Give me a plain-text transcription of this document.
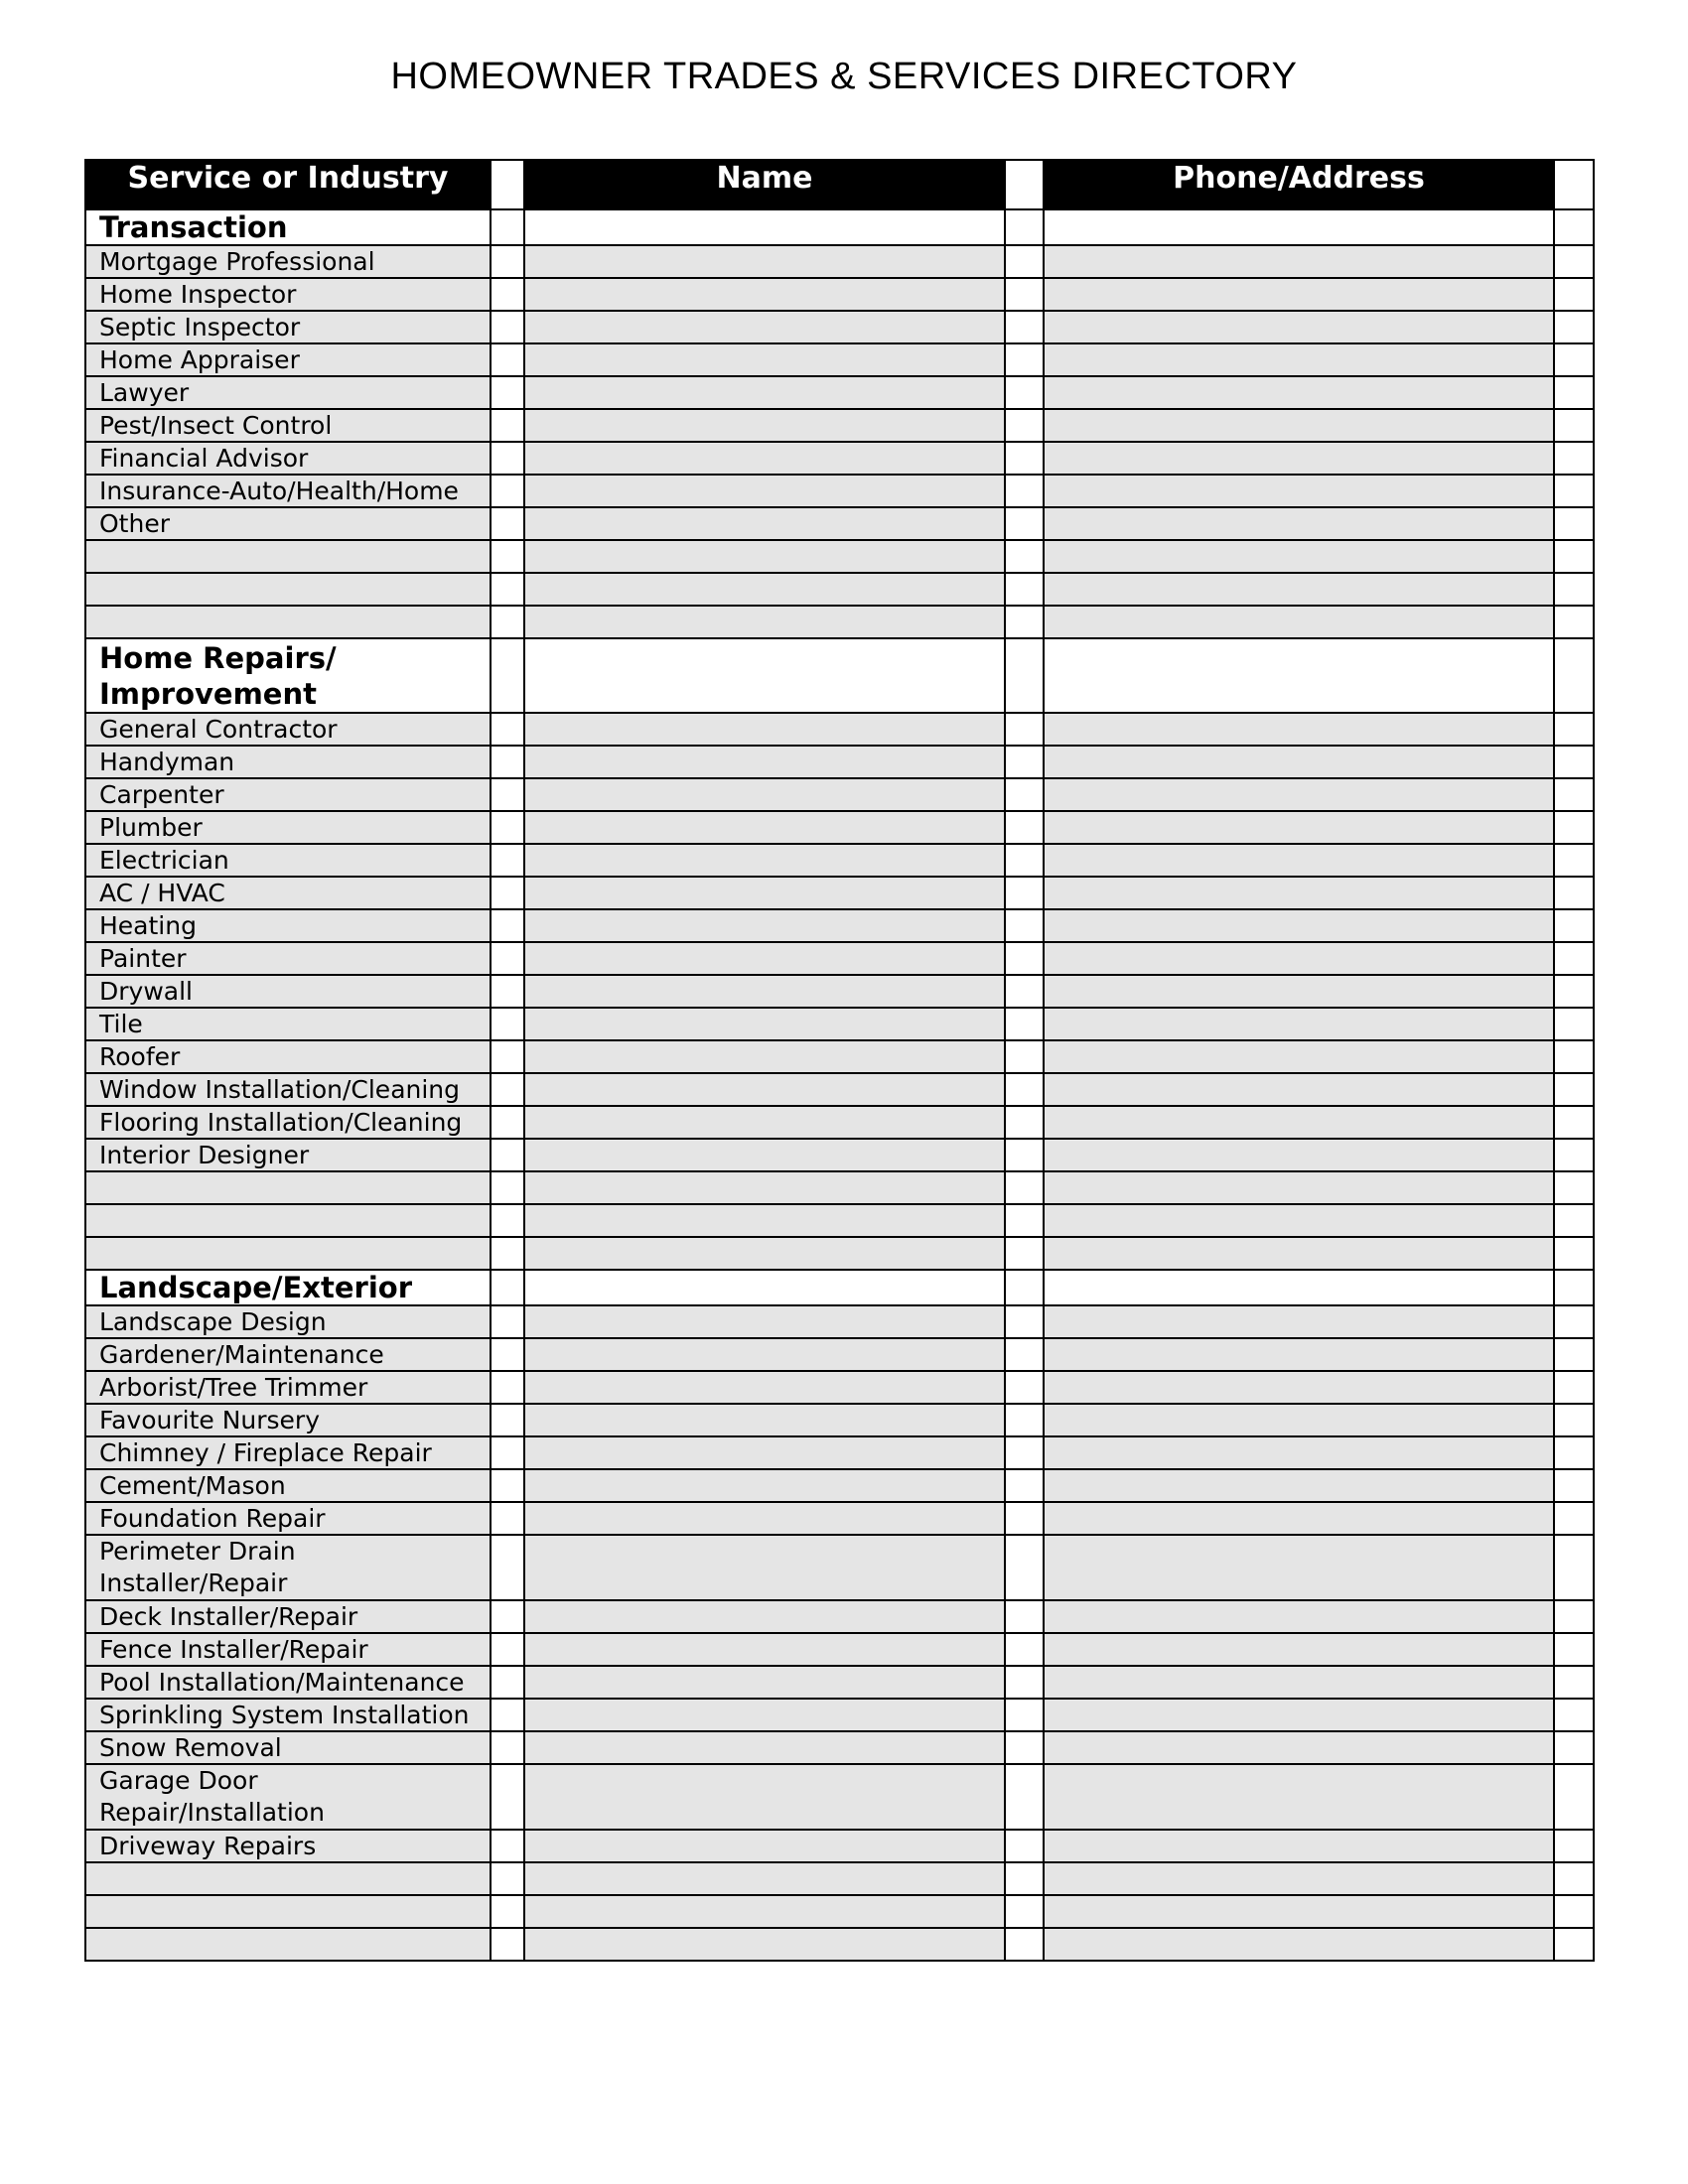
HOMEOWNER TRADES & SERVICES DIRECTORY
Service or Industry		Name		Phone/Address	
Transaction					
Mortgage Professional					
Home Inspector					
Septic Inspector					
Home Appraiser					
Lawyer					
Pest/Insect Control					
Financial Advisor					
Insurance-Auto/Health/Home					
Other					

Home Repairs/ Improvement					
General Contractor					
Handyman					
Carpenter					
Plumber					
Electrician					
AC / HVAC					
Heating					
Painter					
Drywall					
Tile					
Roofer					
Window Installation/Cleaning					
Flooring Installation/Cleaning					
Interior Designer					

Landscape/Exterior					
Landscape Design					
Gardener/Maintenance					
Arborist/Tree Trimmer					
Favourite Nursery					
Chimney / Fireplace Repair					
Cement/Mason					
Foundation Repair					
Perimeter Drain Installer/Repair					
Deck Installer/Repair					
Fence Installer/Repair					
Pool Installation/Maintenance					
Sprinkling System Installation					
Snow Removal					
Garage Door Repair/Installation					
Driveway Repairs					
